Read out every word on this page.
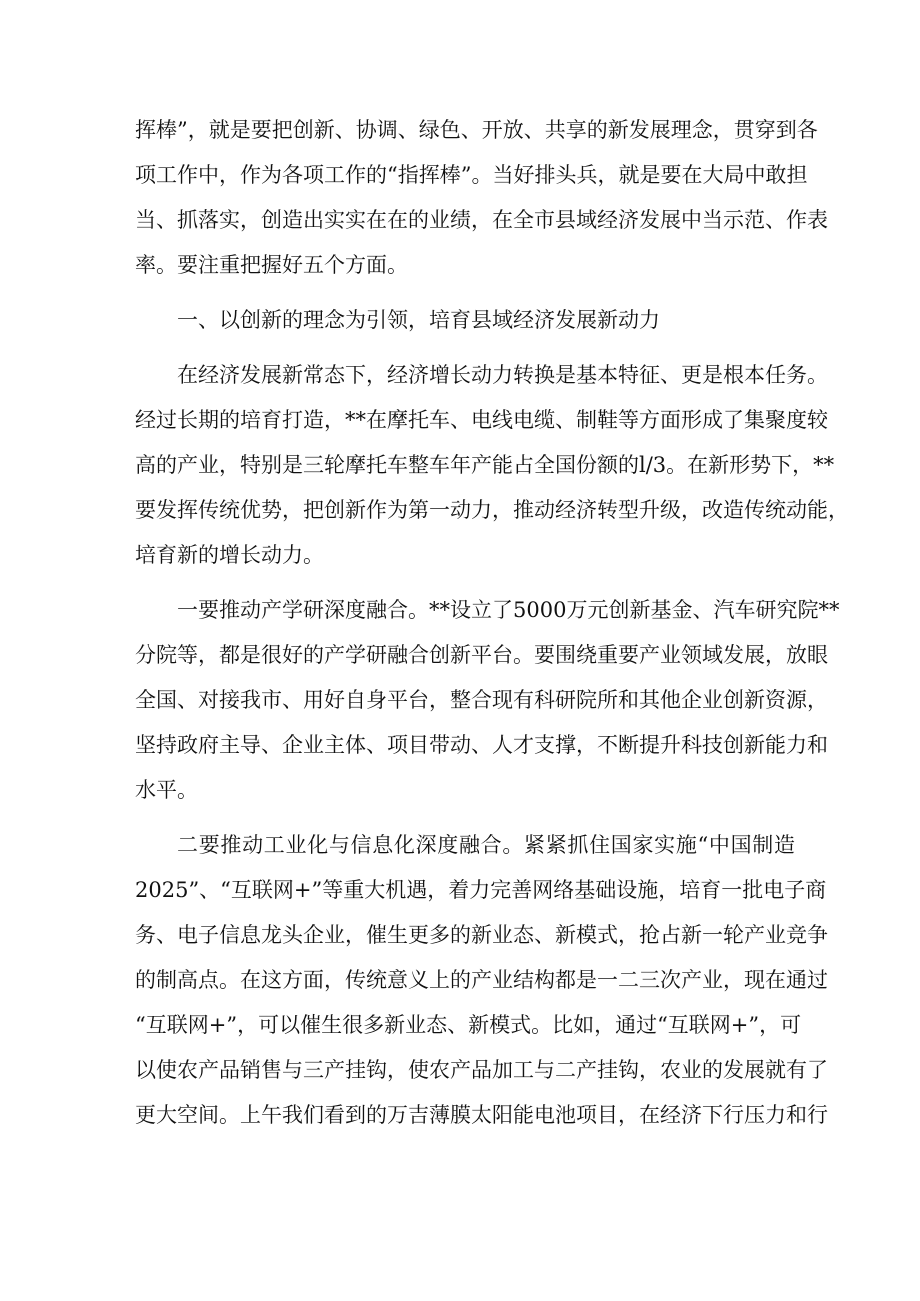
挥棒”，就是要把创新、协调、绿色、开放、共享的新发展理念，贯穿到各
项工作中，作为各项工作的“指挥棒”。当好排头兵，就是要在大局中敢担
当、抓落实，创造出实实在在的业绩，在全市县域经济发展中当示范、作表
率。要注重把握好五个方面。
一、以创新的理念为引领，培育县域经济发展新动力
在经济发展新常态下，经济增长动力转换是基本特征、更是根本任务。
经过长期的培育打造，**在摩托车、电线电缆、制鞋等方面形成了集聚度较
高的产业，特别是三轮摩托车整车年产能占全国份额的l/3。在新形势下，**
要发挥传统优势，把创新作为第一动力，推动经济转型升级，改造传统动能，
培育新的增长动力。
一要推动产学研深度融合。**设立了5000万元创新基金、汽车研究院**
分院等，都是很好的产学研融合创新平台。要围绕重要产业领域发展，放眼
全国、对接我市、用好自身平台，整合现有科研院所和其他企业创新资源，
坚持政府主导、企业主体、项目带动、人才支撑，不断提升科技创新能力和
水平。
二要推动工业化与信息化深度融合。紧紧抓住国家实施“中国制造
2025”、“互联网+”等重大机遇，着力完善网络基础设施，培育一批电子商
务、电子信息龙头企业，催生更多的新业态、新模式，抢占新一轮产业竞争
的制高点。在这方面，传统意义上的产业结构都是一二三次产业，现在通过
“互联网+”，可以催生很多新业态、新模式。比如，通过“互联网+”，可
以使农产品销售与三产挂钩，使农产品加工与二产挂钩，农业的发展就有了
更大空间。上午我们看到的万吉薄膜太阳能电池项目，在经济下行压力和行
